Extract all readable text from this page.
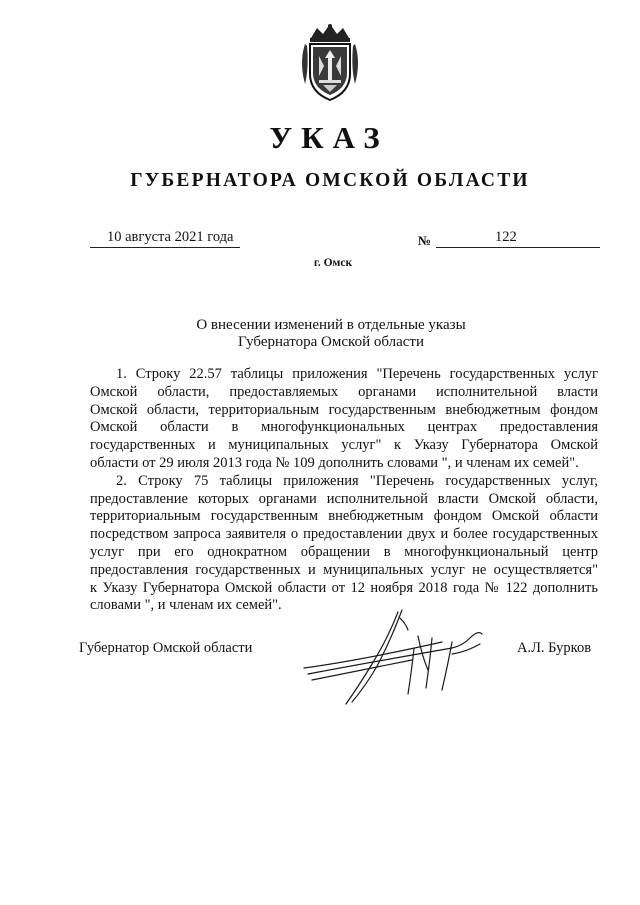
УКАЗ
ГУБЕРНАТОРА ОМСКОЙ ОБЛАСТИ
10 августа 2021 года	№	122
г. Омск
О внесении изменений в отдельные указы
Губернатора Омской области
1. Строку 22.57 таблицы приложения "Перечень государственных услуг
Омской области, предоставляемых органами исполнительной власти
Омской области, территориальным государственным внебюджетным фондом
Омской области в многофункциональных центрах предоставления
государственных и муниципальных услуг" к Указу Губернатора Омской
области от 29 июля 2013 года № 109 дополнить словами ", и членам их семей".
2. Строку 75 таблицы приложения "Перечень государственных услуг,
предоставление которых органами исполнительной власти Омской области,
территориальным государственным внебюджетным фондом Омской области
посредством запроса заявителя о предоставлении двух и более государственных
услуг при его однократном обращении в многофункциональный центр
предоставления государственных и муниципальных услуг не осуществляется"
к Указу Губернатора Омской области от 12 ноября 2018 года № 122 дополнить
словами ", и членам их семей".
Губернатор Омской области	А.Л. Бурков
